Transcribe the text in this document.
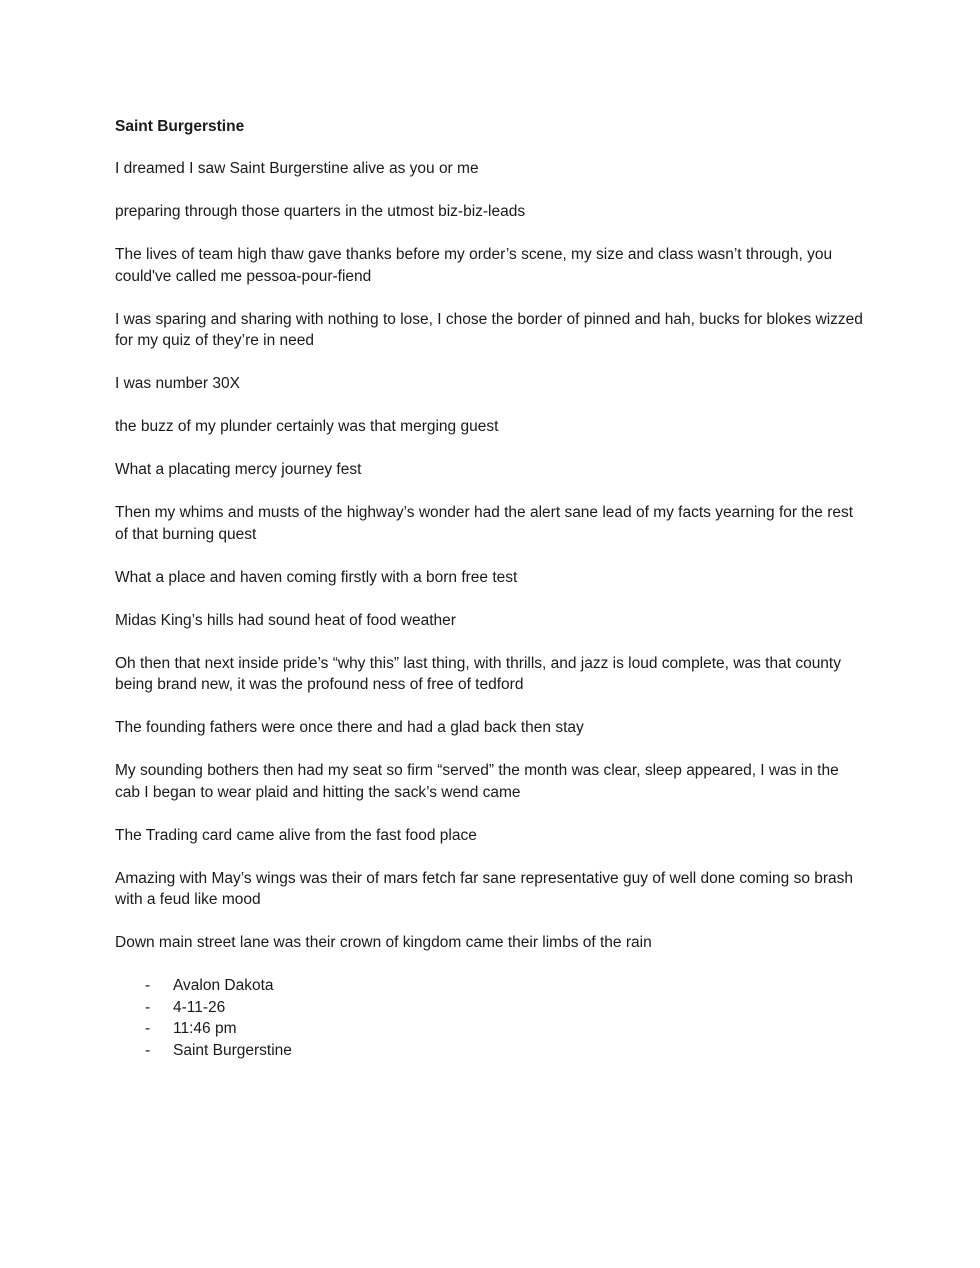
Saint Burgerstine

I dreamed I saw Saint Burgerstine alive as you or me

preparing through those quarters in the utmost biz-biz-leads

The lives of team high thaw gave thanks before my order’s scene, my size and class wasn’t through, you could've called me pessoa-pour-fiend

I was sparing and sharing with nothing to lose, I chose the border of pinned and hah, bucks for blokes wizzed for my quiz of they’re in need

I was number 30X

the buzz of my plunder certainly was that merging guest

What a placating mercy journey fest

Then my whims and musts of the highway’s wonder had the alert sane lead of my facts yearning for the rest of that burning quest

What a place and haven coming firstly with a born free test

Midas King’s hills had sound heat of food weather

Oh then that next inside pride’s “why this” last thing, with thrills, and jazz is loud complete, was that county being brand new, it was the profound ness of free of tedford

The founding fathers were once there and had a glad back then stay

My sounding bothers then had my seat so firm “served” the month was clear, sleep appeared, I was in the cab I began to wear plaid and hitting the sack’s wend came

The Trading card came alive from the fast food place

Amazing with May’s wings was their of mars fetch far sane representative guy of well done coming so brash with a feud like mood

Down main street lane was their crown of kingdom came their limbs of the rain

- Avalon Dakota
- 4-11-26
- 11:46 pm
- Saint Burgerstine
